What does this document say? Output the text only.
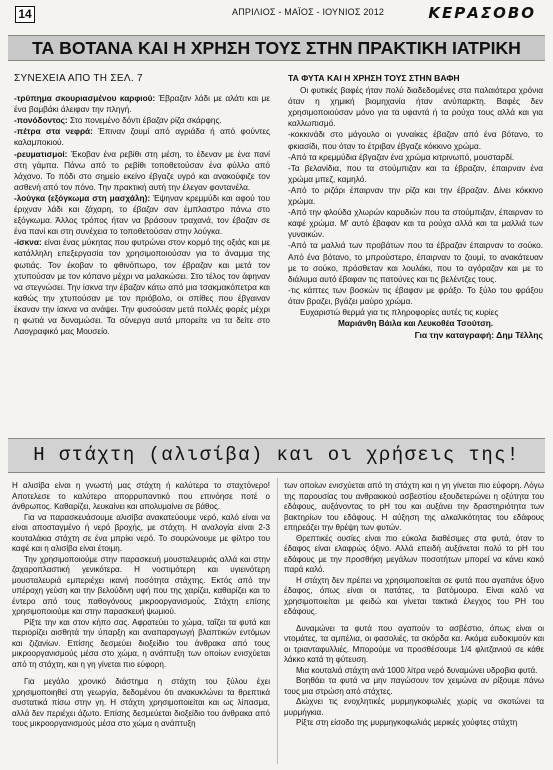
14	ΑΠΡΙΛΙΟΣ - ΜΑΪΟΣ - ΙΟΥΝΙΟΣ 2012	ΚΕΡΑΣΟΒΟ
ΤΑ ΒΟΤΑΝΑ ΚΑΙ Η ΧΡΗΣΗ ΤΟΥΣ ΣΤΗΝ ΠΡΑΚΤΙΚΗ ΙΑΤΡΙΚΗ

ΣΥΝΕΧΕΙΑ ΑΠΟ ΤΗ ΣΕΛ. 7

-τρύπημα σκουριασμένου καρφιού: Έβραζαν λάδι με αλάτι και με ένα βαμβάκι άλειφαν την πληγή.

-πονόδοντος: Στο πονεμένο δόντι έβαζαν ρίζα σκάρφης.

-πέτρα στα νεφρά: Έπιναν ζουμί από αγριάδα ή από φούντες καλαμποκιού.

-ρευματισμοί: Έκοβαν ένα ρεβίθι στη μέση, το έδεναν με ένα πανί στη γάμπα. Πάνω από το ρεβίθι τοποθετούσαν ένα φύλλο από λάχανο. Το πόδι στο σημείο εκείνο έβγαζε υγρό και ανακούφιζε τον ασθενή από τον πόνο. Την πρακτική αυτή την έλεγαν φοντανέλα.

-λούγκα (εξόγκωμα στη μασχάλη): Έψηναν κρεμμύδι και αφού του έριχναν λάδι και ζάχαρη, το έβαζαν σαν έμπλαστρο πάνω στο εξόγκωμα. Άλλος τρόπος ήταν να βράσουν τραχανά, τον έβαζαν σε ένα πανί και στη συνέχεια το τοποθετούσαν στην λούγκα.

-ίσκνα: είναι ένας μύκητας που φυτρώνει στον κορμό της οξιάς και με κατάλληλη επεξεργασία τον χρησιμοποιούσαν για το άναμμα της φωτιάς. Τον έκοβαν το φθινόπωρο, τον έβραζαν και μετά τον χτυπούσαν με τον κόπανο μέχρι να μαλακώσει. Στο τέλος τον άφηναν να στεγνώσει. Την ίσκνα την έβαζαν κάτω από μια τσακμακόπετρα και καθώς την χτυπούσαν με τον πριόβολο, οι σπίθες που έβγαιναν έκαναν την ίσκνα να ανάψει. Την φυσούσαν μετά πολλές φορές μέχρι η φωτιά να δυναμώσει. Τα σύνεργα αυτά μπορείτε να τα δείτε στο Λαογραφικό μας Μουσείο.

ΤΑ ΦΥΤΑ ΚΑΙ Η ΧΡΗΣΗ ΤΟΥΣ ΣΤΗΝ ΒΑΦΗ

Οι φυτικές βαφές ήταν πολύ διαδεδομένες στα παλαιότερα χρόνια όταν η χημική βιομηχανία ήταν ανύπαρκτη. Βαφές δεν χρησιμοποιούσαν μόνο για τα υφαντά ή τα ρούχα τους αλλά και για καλλωπισμό.

-κοκκινάδι στο μάγουλο οι γυναίκες έβαζαν από ένα βότανο, το φκιασίδι, που όταν το έτριβαν έβγαζε κόκκινο χρώμα.

-Από τα κρεμμύδια έβγαζαν ένα χρώμα κιτρινωπό, μουσταρδί.

-Τα βελανίδια, που τα στούμπιζαν και τα έβραζαν, έπαιρναν ένα χρώμα μπεζ, καμηλό.

-Από το ριζάρι έπαιρναν την ρίζα και την έβραζαν. Δίνει κόκκινο χρώμα.

-Από την φλούδα χλωρών καρυδιών που τα στούμπιζαν, έπαιρναν το καφέ χρώμα. Μ' αυτό έβαφαν και τα ρούχα αλλά και τα μαλλιά των γυναικών.

-Από τα μαλλιά των προβάτων που τα έβραζαν έπαιρναν το σούκο. Από ένα βότανο, το μπρούστερο, έπαιρναν το ζουμί, το ανακάτευαν με το σούκο, πρόσθεταν και λουλάκι, που το αγόραζαν και με το διάλυμα αυτό έβαφαν τις πατούνες και τις βελέντζες τους.

-τις κάπτες των βοσκών τις έβαφαν με φράξο. Το ξύλο του φράξου όταν βραζει, βγάζει μαύρο χρώμα.

Ευχαριστώ θερμά για τις πληροφορίες αυτές τις κυρίες

Μαριάνθη Βάιλα και Λευκοθέα Τσούτση.

Για την καταγραφή: Δημ Τέλλης

Η στάχτη (αλισίβα) και οι χρήσεις της!

Η αλισίβα είναι η γνωστή μας στάχτη ή καλύτερα το σταχτόνερο! Αποτελεσε το καλύτερο απορρυπαντικό που επινόησε ποτέ ο άνθρωπος. Καθαρίζει, λευκαίνει και απολυμαίνει σε βάθος.

Για να παρασκευάσουμε αλισίβα ανακατεύουμε νερό, καλό είναι να είναι αποσταγμένο ή νερό βροχής, με στάχτη. Η αναλογία είναι 2-3 κουταλάκια στάχτη σε ένα μπρίκι νερό. Το σουρώνουμε με φίλτρο του καφέ και η αλισίβα είναι έτοιμη.

Την χρησιμοποιούμε στην παρασκευή μουσταλευριάς αλλά και στην ζαχαροπλαστική γενικότερα. Η νοστιμότερη και υγιεινότερη μουσταλευριά εμπεριέχει ικανή ποσότητα στάχτης. Εκτός από την υπέροχη γεύση και την βελούδινη υφή που της χαρίζει, καθαρίζει και το έντερο από τους παθογόνους μικροοργανισμούς. Στάχτη επίσης χρησιμοποιούμε και στην παρασκευή ψωμιού.

Ρίξτε την και στον κήπο σας. Αφρατεύει το χώμα, ταΐζει τα φυτά και περιορίζει αισθητά την ύπαρξη και αναπαραγωγή βλαπτικών εντόμων και ζιζανίων. Επίσης δεσμεύει διοξείδιο του άνθρακα από τους μικροοργανισμούς μέσα στο χώμα, η ανάπτυξη των οποίων ενισχύεται από τη στάχτη, και η γη γίνεται πιο εύφορη.

Για μεγάλο χρονικό διάστημα η στάχτη του ξύλου έχει χρησιμοποιηθεί στη γεωργία, δεδομένου ότι ανακυκλώνει τα θρεπτικά συστατικά πίσω στην γη. Η στάχτη χρησιμοποιείται και ως λίπασμα, αλλά δεν περιέχει άζωτο. Επίσης δεσμεύεται διοξείδιο του άνθρακα από τους μικροοργανισμούς μέσα στο χώμα η ανάπτυξη

των οποίων ενισχύεται από τη στάχτη και η γη γίνεται πιο εύφορη. Λόγω της παρουσίας του ανθρακικού ασβεστίου εξουδετερώνει η οξύτητα του εδάφους, αυξάνοντας το pH του και αυξάνει την δραστηριότητα των βακτηρίων του εδάφους. Η αύξηση της αλκαλικότητας του εδάφους επηρεάζει την θρέψη των φυτών.

Θρεπτικές ουσίες είναι πιο εύκολα διαθέσιμες στα φυτά, όταν το έδαφος είναι ελαφρώς όξινο. Αλλά επειδή αυξάνεται πολύ το pH του εδάφους με την προσθήκη μεγάλων ποσοτήτων μπορεί να κάνει κακό παρά καλό.

Η στάχτη δεν πρέπει να χρησιμοποιείται σε φυτά που αγαπάνε όξινο έδαφος, όπως είναι οι πατάτες, τα βατόμουρα. Είναι καλό να χρησιμοποιείται με φειδώ και γίνεται τακτικά έλεγχος του PH του εδάφους.

Δυναμώνει τα φυτά που αγαπούν το ασβέστιο, όπως είναι οι ντομάτες, τα αμπέλια, οι φασολιές, τα σκόρδα κα. Ακόμα ευδοκιμούν και οι τριανταφυλλιές. Μπορούμε να προσθέσουμε 1/4 φλιτζανιού σε κάθε λάκκο κατά τη φύτευση.

Μια κουταλιά στάχτη ανά 1000 λίτρα νερό δυναμώνει υδροβια φυτά.

Βοηθάει τα φυτά να μην παγώσουν τον χειμώνα αν ρίξουμε πάνω τους μια στρώση από στάχτες.

Διώχνει τις ενοχλητικές μυρμηγκοφωλιές χωρίς να σκοτώνει τα μυρμήγκια.

Ρίξτε στη είσοδο της μυρμηγκοφωλιάς μερικές χούφτες στάχτη
